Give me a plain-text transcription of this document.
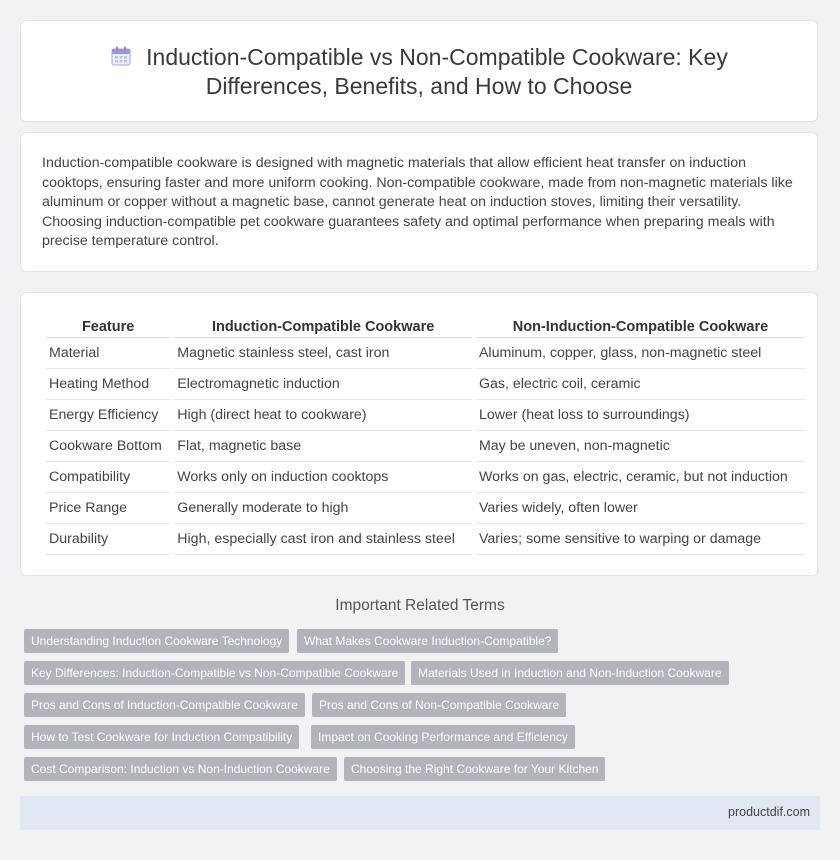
Induction-Compatible vs Non-Compatible Cookware: Key Differences, Benefits, and How to Choose

Induction-compatible cookware is designed with magnetic materials that allow efficient heat transfer on induction cooktops, ensuring faster and more uniform cooking. Non-compatible cookware, made from non-magnetic materials like aluminum or copper without a magnetic base, cannot generate heat on induction stoves, limiting their versatility. Choosing induction-compatible pet cookware guarantees safety and optimal performance when preparing meals with precise temperature control.

Feature	Induction-Compatible Cookware	Non-Induction-Compatible Cookware
Material	Magnetic stainless steel, cast iron	Aluminum, copper, glass, non-magnetic steel
Heating Method	Electromagnetic induction	Gas, electric coil, ceramic
Energy Efficiency	High (direct heat to cookware)	Lower (heat loss to surroundings)
Cookware Bottom	Flat, magnetic base	May be uneven, non-magnetic
Compatibility	Works only on induction cooktops	Works on gas, electric, ceramic, but not induction
Price Range	Generally moderate to high	Varies widely, often lower
Durability	High, especially cast iron and stainless steel	Varies; some sensitive to warping or damage
Important Related Terms
Understanding Induction Cookware Technology	What Makes Cookware Induction-Compatible?
Key Differences: Induction-Compatible vs Non-Compatible Cookware	Materials Used in Induction and Non-Induction Cookware
Pros and Cons of Induction-Compatible Cookware	Pros and Cons of Non-Compatible Cookware
How to Test Cookware for Induction Compatibility	Impact on Cooking Performance and Efficiency
Cost Comparison: Induction vs Non-Induction Cookware	Choosing the Right Cookware for Your Kitchen
productdif.com
